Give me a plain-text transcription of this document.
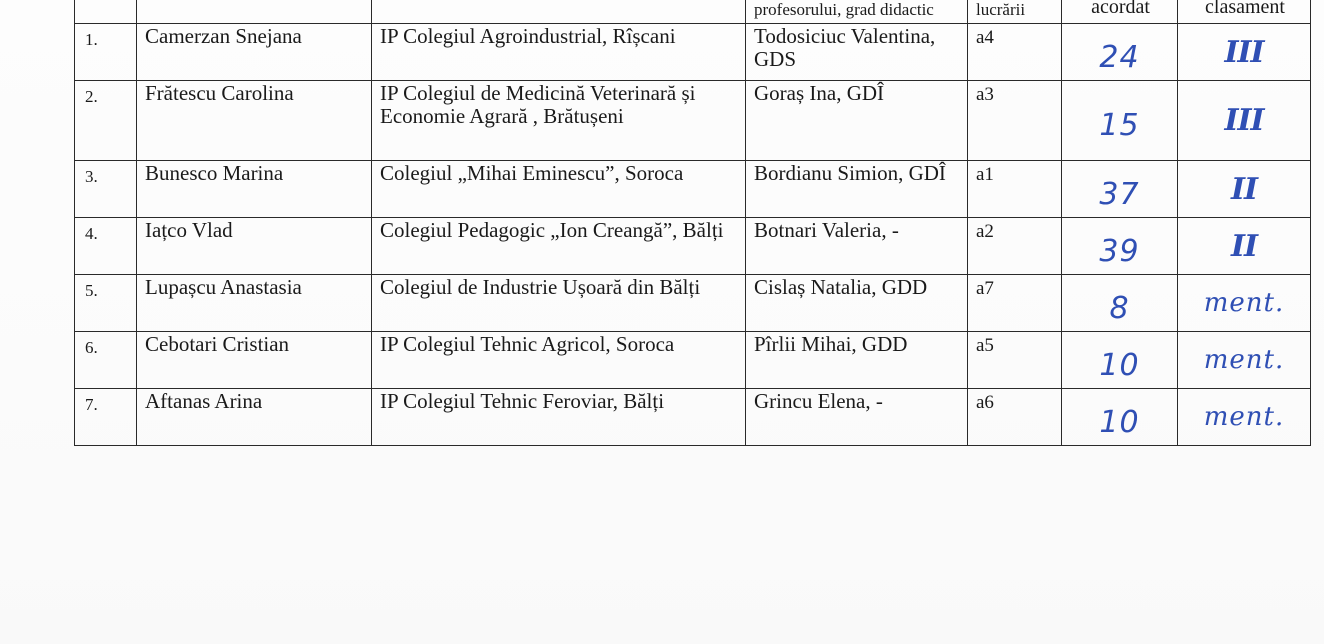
			profesorului, grad didactic	lucrării	acordat	clasament
1.	Camerzan Snejana	IP Colegiul Agroindustrial, Rîșcani	Todosiciuc Valentina, GDS	a4	24	III
2.	Frătescu Carolina	IP Colegiul de Medicină Veterinară și Economie Agrară , Brătușeni	Goraș Ina, GDÎ	a3	15	III
3.	Bunesco Marina	Colegiul „Mihai Eminescu”, Soroca	Bordianu Simion, GDÎ	a1	37	II
4.	Iațco Vlad	Colegiul Pedagogic „Ion Creangă”, Bălți	Botnari Valeria, -	a2	39	II
5.	Lupașcu Anastasia	Colegiul de Industrie Ușoară din Bălți	Cislaș Natalia, GDD	a7	8	ment.
6.	Cebotari Cristian	IP Colegiul Tehnic Agricol, Soroca	Pîrlii Mihai, GDD	a5	10	ment.
7.	Aftanas Arina	IP Colegiul Tehnic Feroviar, Bălți	Grincu Elena, -	a6	10	ment.
